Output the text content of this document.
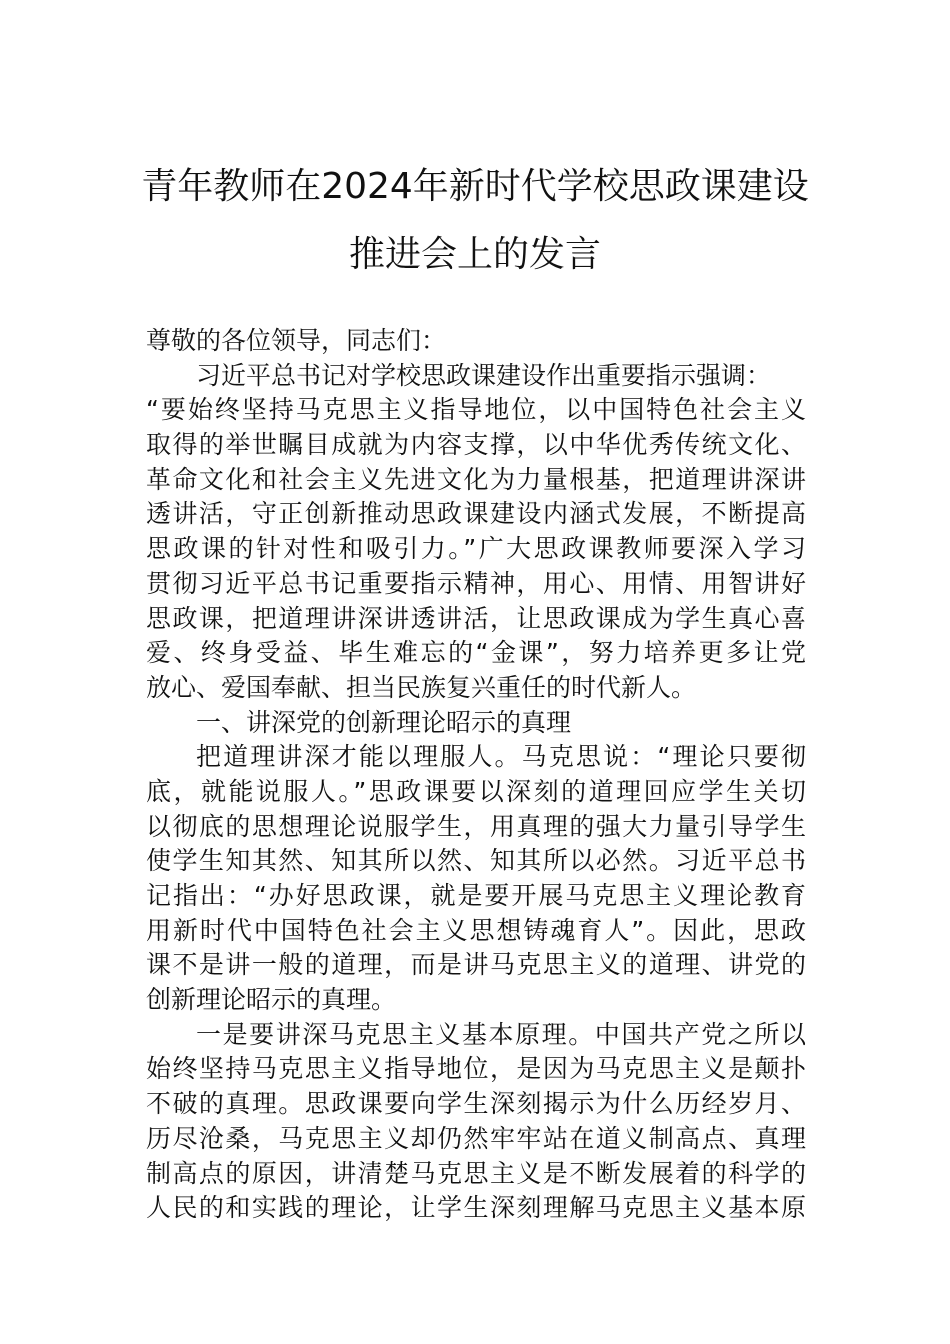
青年教师在2024年新时代学校思政课建设
推进会上的发言
尊敬的各位领导，同志们：
习近平总书记对学校思政课建设作出重要指示强调：
“要始终坚持马克思主义指导地位，以中国特色社会主义
取得的举世瞩目成就为内容支撑，以中华优秀传统文化、
革命文化和社会主义先进文化为力量根基，把道理讲深讲
透讲活，守正创新推动思政课建设内涵式发展，不断提高
思政课的针对性和吸引力。”广大思政课教师要深入学习
贯彻习近平总书记重要指示精神，用心、用情、用智讲好
思政课，把道理讲深讲透讲活，让思政课成为学生真心喜
爱、终身受益、毕生难忘的“金课”，努力培养更多让党
放心、爱国奉献、担当民族复兴重任的时代新人。
一、讲深党的创新理论昭示的真理
把道理讲深才能以理服人。马克思说：“理论只要彻
底，就能说服人。”思政课要以深刻的道理回应学生关切
以彻底的思想理论说服学生，用真理的强大力量引导学生
使学生知其然、知其所以然、知其所以必然。习近平总书
记指出：“办好思政课，就是要开展马克思主义理论教育
用新时代中国特色社会主义思想铸魂育人”。因此，思政
课不是讲一般的道理，而是讲马克思主义的道理、讲党的
创新理论昭示的真理。
一是要讲深马克思主义基本原理。中国共产党之所以
始终坚持马克思主义指导地位，是因为马克思主义是颠扑
不破的真理。思政课要向学生深刻揭示为什么历经岁月、
历尽沧桑，马克思主义却仍然牢牢站在道义制高点、真理
制高点的原因，讲清楚马克思主义是不断发展着的科学的
人民的和实践的理论，让学生深刻理解马克思主义基本原
